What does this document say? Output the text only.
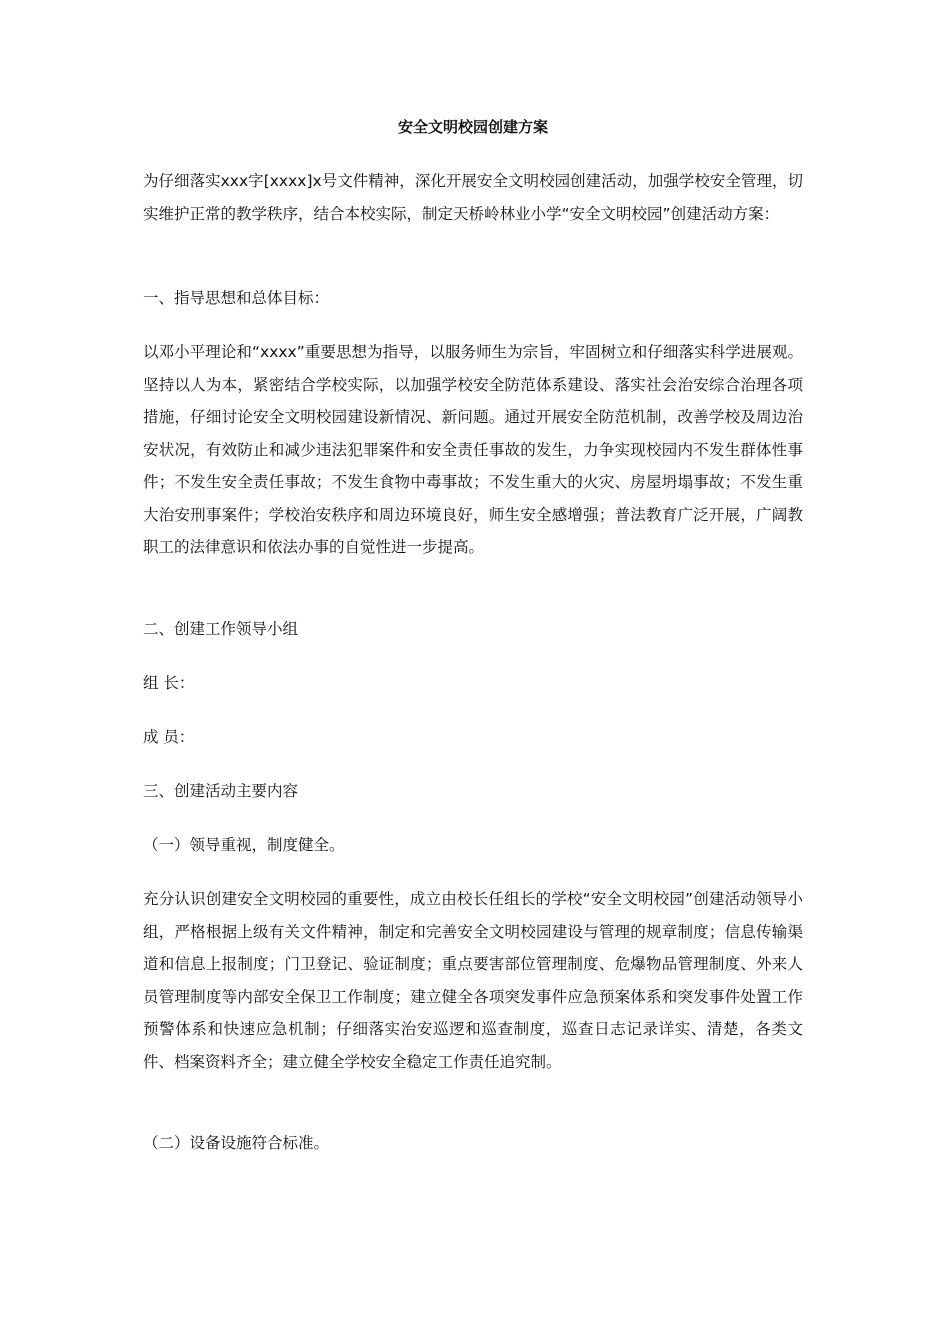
安全文明校园创建方案

为仔细落实xxx字[xxxx]x号文件精神，深化开展安全文明校园创建活动，加强学校安全管理，切实维护正常的教学秩序，结合本校实际，制定天桥岭林业小学“安全文明校园”创建活动方案：

一、指导思想和总体目标：

以邓小平理论和“xxxx”重要思想为指导，以服务师生为宗旨，牢固树立和仔细落实科学进展观。坚持以人为本，紧密结合学校实际，以加强学校安全防范体系建设、落实社会治安综合治理各项措施，仔细讨论安全文明校园建设新情况、新问题。通过开展安全防范机制，改善学校及周边治安状况，有效防止和减少违法犯罪案件和安全责任事故的发生，力争实现校园内不发生群体性事件；不发生安全责任事故；不发生食物中毒事故；不发生重大的火灾、房屋坍塌事故；不发生重大治安刑事案件；学校治安秩序和周边环境良好，师生安全感增强；普法教育广泛开展，广阔教职工的法律意识和依法办事的自觉性进一步提高。

二、创建工作领导小组

组 长：

成 员：

三、创建活动主要内容

（一）领导重视，制度健全。

充分认识创建安全文明校园的重要性，成立由校长任组长的学校“安全文明校园”创建活动领导小组，严格根据上级有关文件精神，制定和完善安全文明校园建设与管理的规章制度；信息传输渠道和信息上报制度；门卫登记、验证制度；重点要害部位管理制度、危爆物品管理制度、外来人员管理制度等内部安全保卫工作制度；建立健全各项突发事件应急预案体系和突发事件处置工作预警体系和快速应急机制；仔细落实治安巡逻和巡查制度，巡查日志记录详实、清楚，各类文件、档案资料齐全；建立健全学校安全稳定工作责任追究制。

（二）设备设施符合标准。
